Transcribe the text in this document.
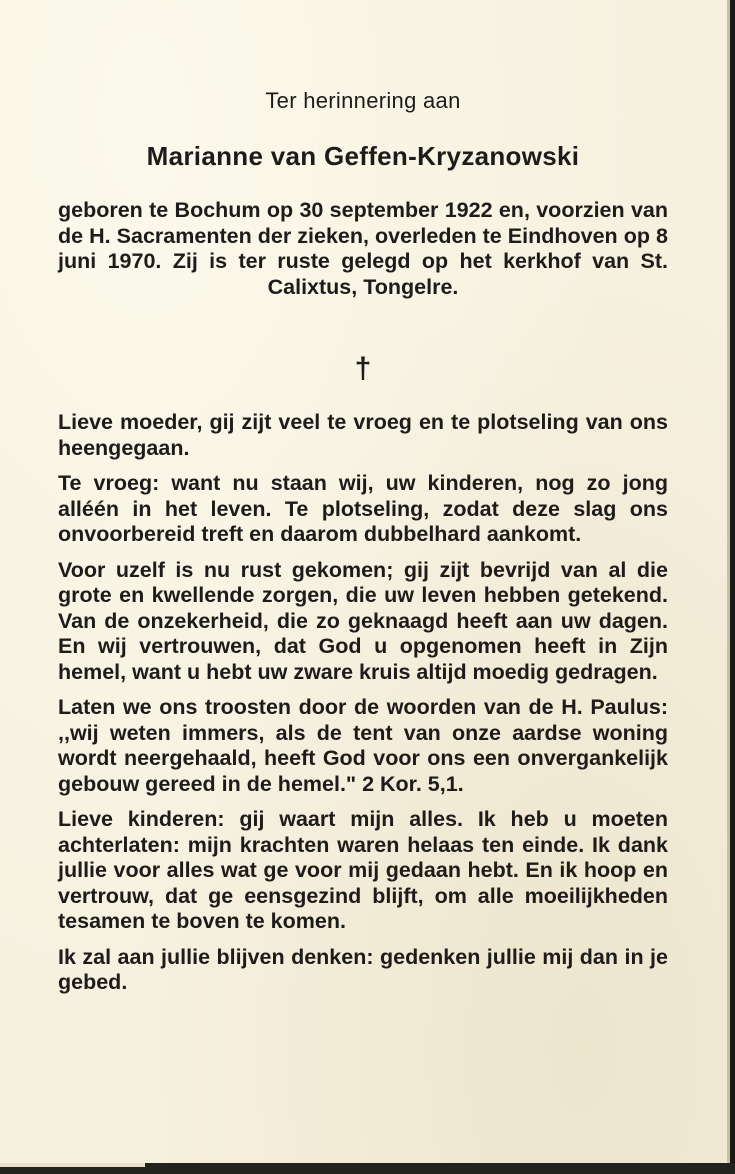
Ter herinnering aan
Marianne van Geffen-Kryzanowski
geboren te Bochum op 30 september 1922 en, voorzien van de H. Sacramenten der zieken, overleden te Eindhoven op 8 juni 1970. Zij is ter ruste gelegd op het kerkhof van St. Calixtus, Tongelre.
†

Lieve moeder, gij zijt veel te vroeg en te plotseling van ons heengegaan.

Te vroeg: want nu staan wij, uw kinderen, nog zo jong alléén in het leven. Te plotseling, zodat deze slag ons onvoorbereid treft en daarom dubbelhard aankomt.

Voor uzelf is nu rust gekomen; gij zijt bevrijd van al die grote en kwellende zorgen, die uw leven hebben getekend. Van de onzekerheid, die zo geknaagd heeft aan uw dagen. En wij vertrouwen, dat God u opgenomen heeft in Zijn hemel, want u hebt uw zware kruis altijd moedig gedragen.

Laten we ons troosten door de woorden van de H. Paulus: ,,wij weten immers, als de tent van onze aardse woning wordt neergehaald, heeft God voor ons een onvergankelijk gebouw gereed in de hemel." 2 Kor. 5,1.

Lieve kinderen: gij waart mijn alles. Ik heb u moeten achterlaten: mijn krachten waren helaas ten einde. Ik dank jullie voor alles wat ge voor mij gedaan hebt. En ik hoop en vertrouw, dat ge eensgezind blijft, om alle moeilijkheden tesamen te boven te komen.

Ik zal aan jullie blijven denken: gedenken jullie mij dan in je gebed.
